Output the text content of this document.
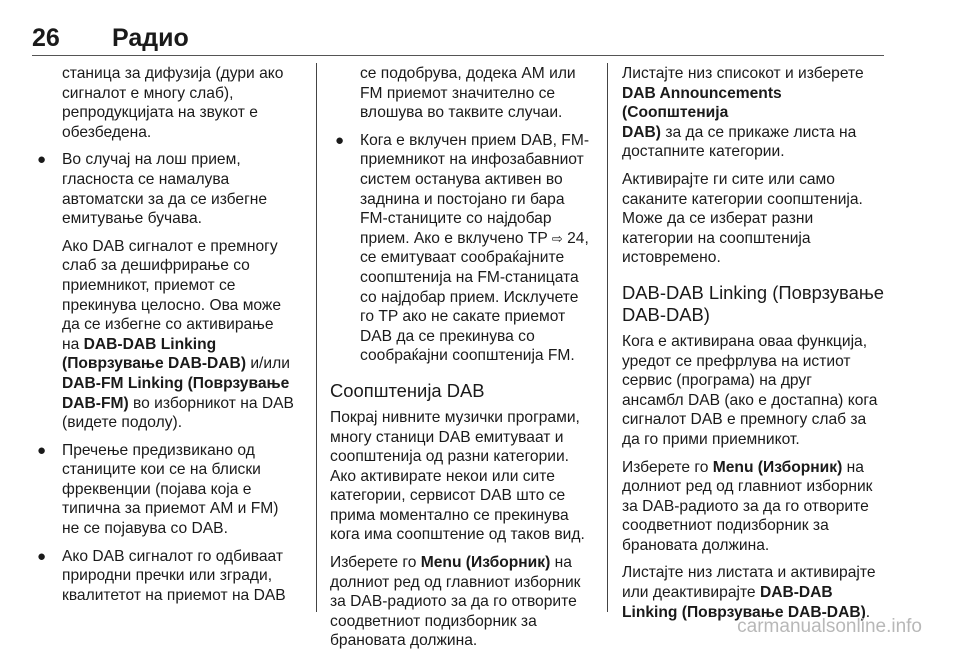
26 Радио

станица за дифузија (дури ако
сигналот е многу слаб),
репродукцијата на звукот е
обезбедена.

● Во случај на лош прием,
гласноста се намалува
автоматски за да се избегне
емитување бучава.

Ако DAB сигналот е премногу
слаб за дешифрирање со
приемникот, приемот се
прекинува целосно. Ова може
да се избегне со активирање
на DAB-DAB Linking
(Поврзување DAB-DAB) и/или
DAB-FM Linking (Поврзување
DAB-FM) во изборникот на DAB
(видете подолу).

● Пречење предизвикано од
станиците кои се на блиски
фреквенции (појава која е
типична за приемот AM и FM)
не се појавува со DAB.

● Ако DAB сигналот го одбиваат
природни пречки или згради,
квалитетот на приемот на DAB

се подобрува, додека AM или
FM приемот значително се
влошува во таквите случаи.

● Кога е вклучен прием DAB, FM-
приемникот на инфозабавниот
систем останува активен во
заднина и постојано ги бара
FM-станиците со најдобар
прием. Ако е вклучено TP ⇨ 24,
се емитуваат сообраќајните
соопштенија на FM-станицата
со најдобар прием. Исклучете
го TP ако не сакате приемот
DAB да се прекинува со
сообраќајни соопштенија FM.

Соопштенија DAB

Покрај нивните музички програми,
многу станици DAB емитуваат и
соопштенија од разни категории.
Ако активирате некои или сите
категории, сервисот DAB што се
прима моментално се прекинува
кога има соопштение од таков вид.

Изберете го Menu (Изборник) на
долниот ред од главниот изборник
за DAB-радиото за да го отворите
соодветниот подизборник за
брановата должина.

Листајте низ списокот и изберете
DAB Announcements (Соопштенија
DAB) за да се прикаже листа на
достапните категории.

Активирајте ги сите или само
саканите категории соопштенија.
Може да се изберат разни
категории на соопштенија
истовремено.

DAB-DAB Linking (Поврзување
DAB-DAB)

Кога е активирана оваа функција,
уредот се префрлува на истиот
сервис (програма) на друг
ансамбл DAB (ако е достапна) кога
сигналот DAB е премногу слаб за
да го прими приемникот.

Изберете го Menu (Изборник) на
долниот ред од главниот изборник
за DAB-радиото за да го отворите
соодветниот подизборник за
брановата должина.

Листајте низ листата и активирајте
или деактивирајте DAB-DAB
Linking (Поврзување DAB-DAB).

carmanualsonline.info
